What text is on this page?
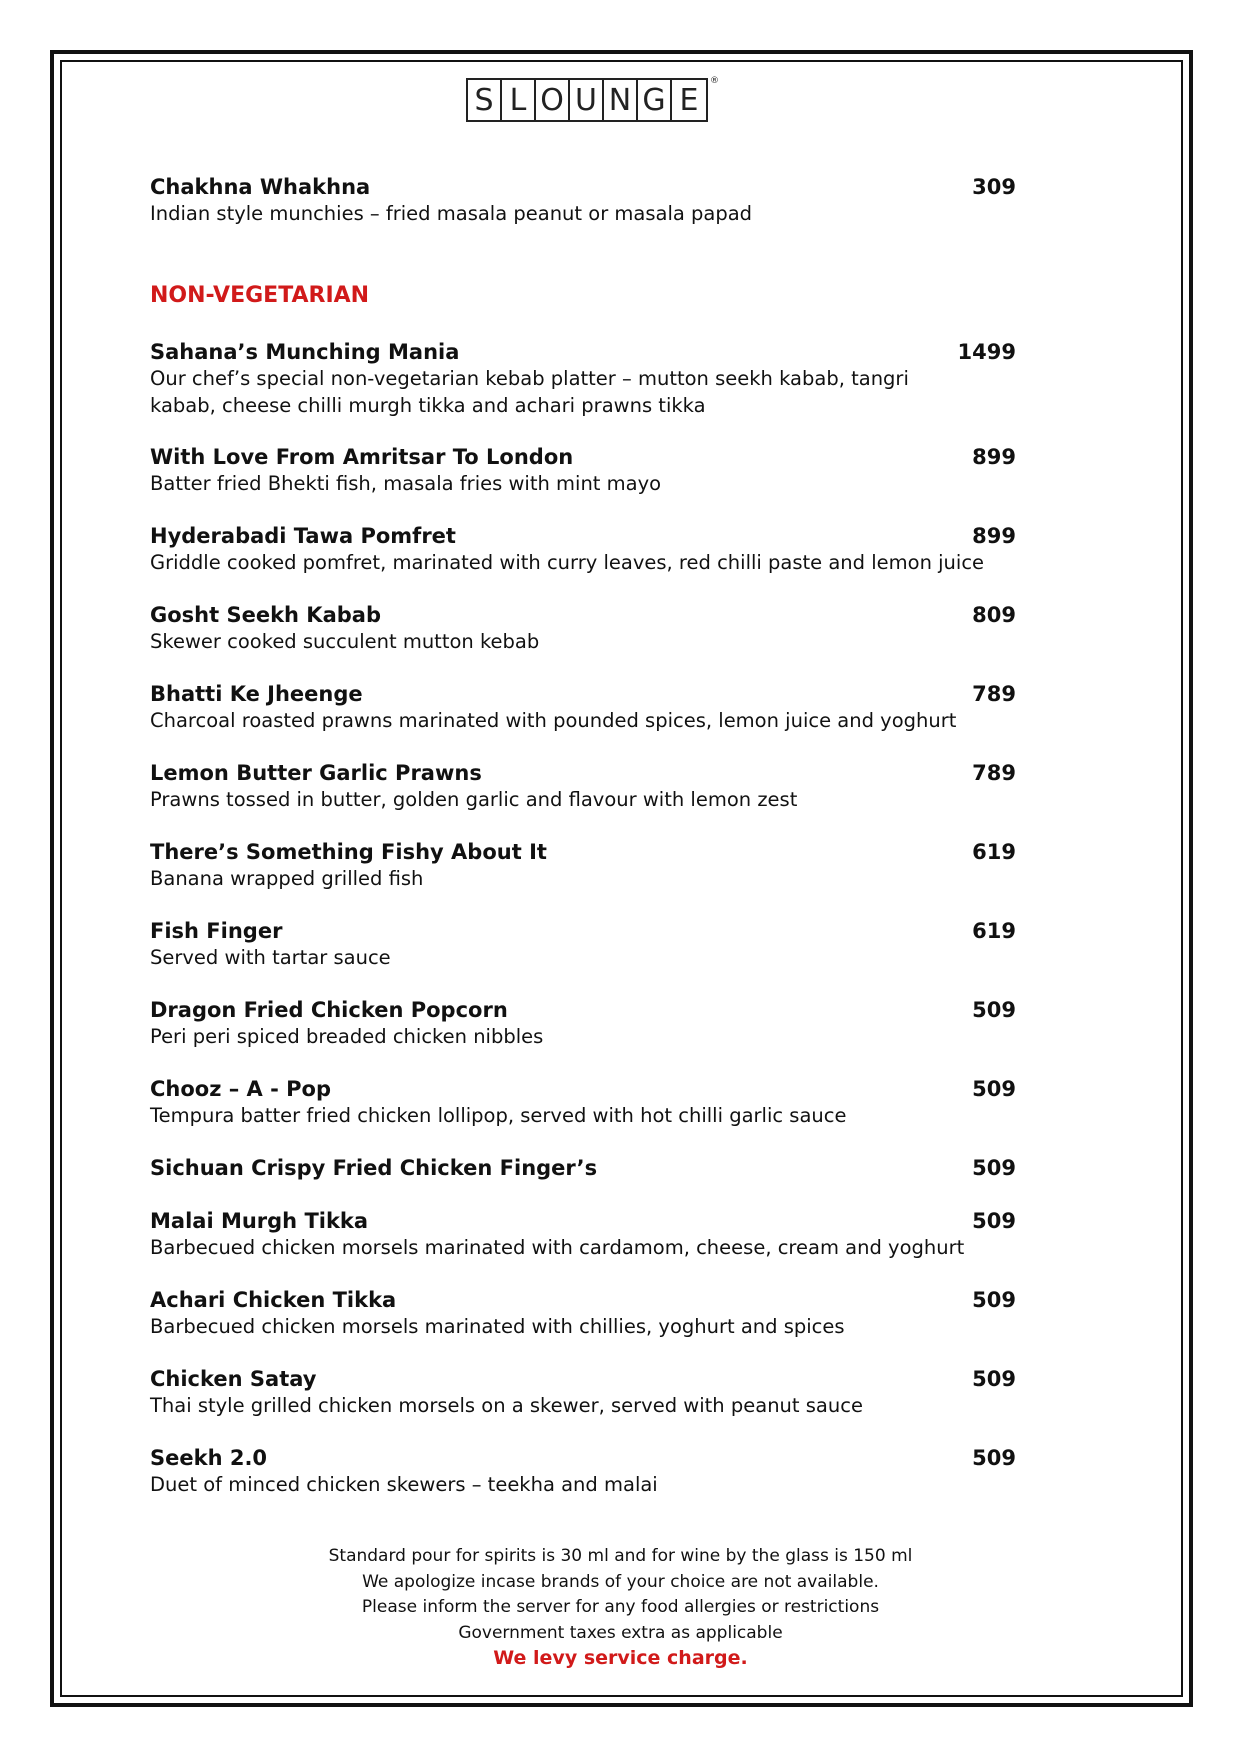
S L O U N G E
®
Chakhna Whakhna	309

Indian style munchies – fried masala peanut or masala papad

NON-VEGETARIAN
Sahana’s Munching Mania	1499

Our chef’s special non-vegetarian kebab platter – mutton seekh kabab, tangri kabab, cheese chilli murgh tikka and achari prawns tikka

With Love From Amritsar To London	899

Batter fried Bhekti fish, masala fries with mint mayo

Hyderabadi Tawa Pomfret	899

Griddle cooked pomfret, marinated with curry leaves, red chilli paste and lemon juice

Gosht Seekh Kabab	809

Skewer cooked succulent mutton kebab

Bhatti Ke Jheenge	789

Charcoal roasted prawns marinated with pounded spices, lemon juice and yoghurt

Lemon Butter Garlic Prawns	789

Prawns tossed in butter, golden garlic and flavour with lemon zest

There’s Something Fishy About It	619

Banana wrapped grilled fish

Fish Finger	619

Served with tartar sauce

Dragon Fried Chicken Popcorn	509

Peri peri spiced breaded chicken nibbles

Chooz – A - Pop	509

Tempura batter fried chicken lollipop, served with hot chilli garlic sauce

Sichuan Crispy Fried Chicken Finger’s	509
Malai Murgh Tikka	509

Barbecued chicken morsels marinated with cardamom, cheese, cream and yoghurt

Achari Chicken Tikka	509

Barbecued chicken morsels marinated with chillies, yoghurt and spices

Chicken Satay	509

Thai style grilled chicken morsels on a skewer, served with peanut sauce

Seekh 2.0	509

Duet of minced chicken skewers – teekha and malai

Standard pour for spirits is 30 ml and for wine by the glass is 150 ml
We apologize incase brands of your choice are not available.
Please inform the server for any food allergies or restrictions
Government taxes extra as applicable
We levy service charge.
